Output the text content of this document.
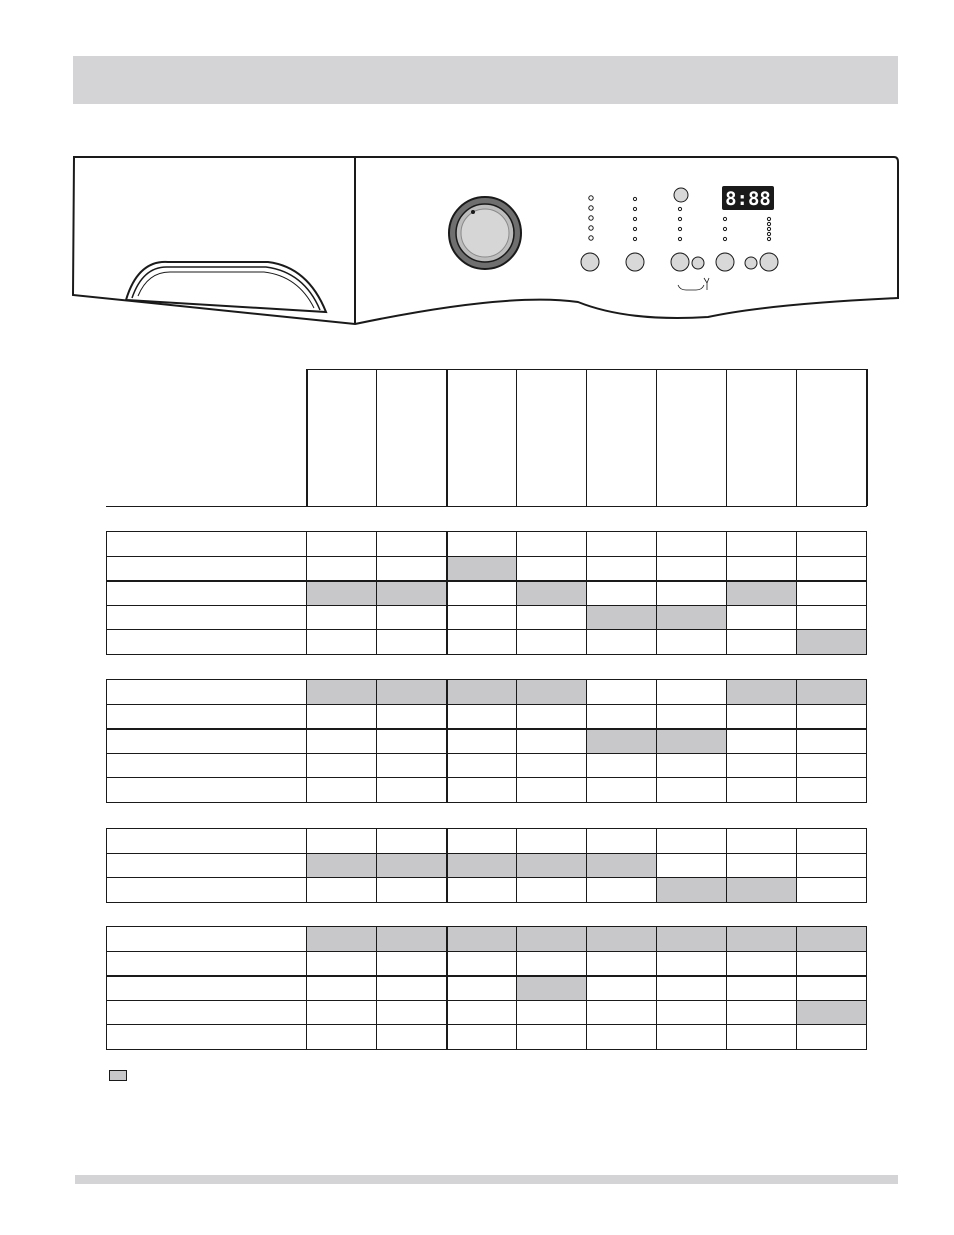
8:88
